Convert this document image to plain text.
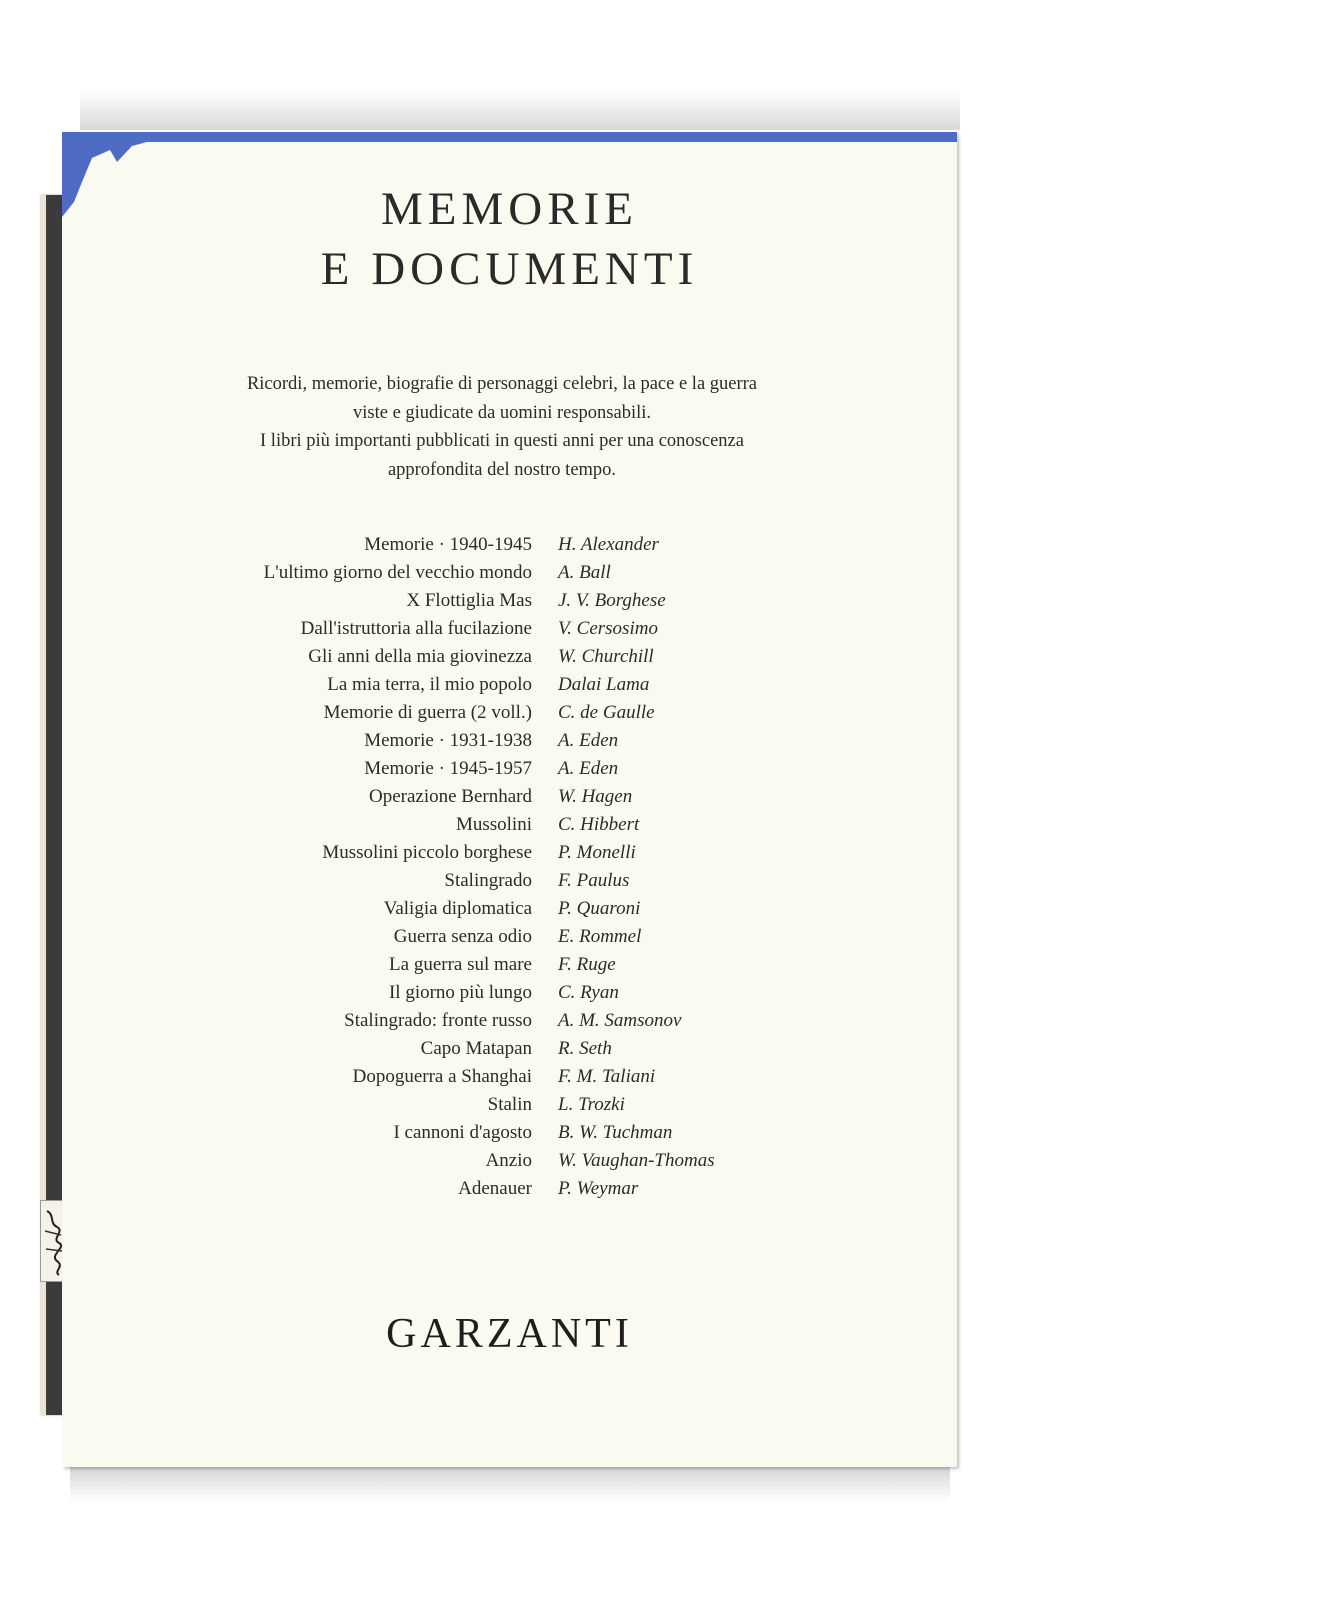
MEMORIE
E DOCUMENTI
Ricordi, memorie, biografie di personaggi celebri, la pace e la guerra
viste e giudicate da uomini responsabili.
I libri più importanti pubblicati in questi anni per una conoscenza
approfondita del nostro tempo.
Memorie · 1940-1945 H. Alexander
L'ultimo giorno del vecchio mondo A. Ball
X Flottiglia Mas J. V. Borghese
Dall'istruttoria alla fucilazione V. Cersosimo
Gli anni della mia giovinezza W. Churchill
La mia terra, il mio popolo Dalai Lama
Memorie di guerra (2 voll.) C. de Gaulle
Memorie · 1931-1938 A. Eden
Memorie · 1945-1957 A. Eden
Operazione Bernhard W. Hagen
Mussolini C. Hibbert
Mussolini piccolo borghese P. Monelli
Stalingrado F. Paulus
Valigia diplomatica P. Quaroni
Guerra senza odio E. Rommel
La guerra sul mare F. Ruge
Il giorno più lungo C. Ryan
Stalingrado: fronte russo A. M. Samsonov
Capo Matapan R. Seth
Dopoguerra a Shanghai F. M. Taliani
Stalin L. Trozki
I cannoni d'agosto B. W. Tuchman
Anzio W. Vaughan-Thomas
Adenauer P. Weymar
GARZANTI
